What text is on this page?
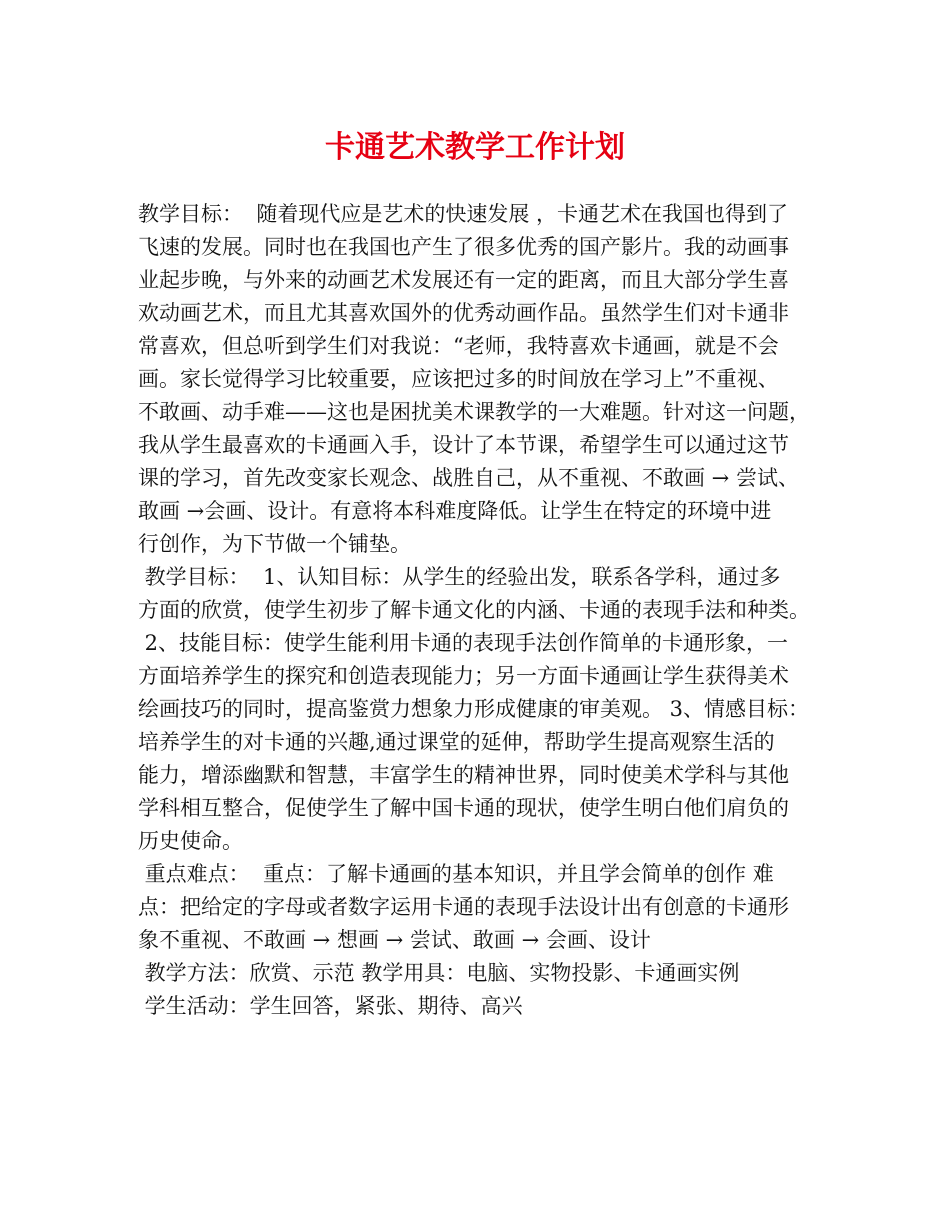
卡通艺术教学工作计划
教学目标：  随着现代应是艺术的快速发展 ，卡通艺术在我国也得到了
飞速的发展。同时也在我国也产生了很多优秀的国产影片。我的动画事
业起步晚，与外来的动画艺术发展还有一定的距离，而且大部分学生喜
欢动画艺术，而且尤其喜欢国外的优秀动画作品。虽然学生们对卡通非
常喜欢，但总听到学生们对我说：“老师，我特喜欢卡通画，就是不会
画。家长觉得学习比较重要，应该把过多的时间放在学习上”不重视、
不敢画、动手难——这也是困扰美术课教学的一大难题。针对这一问题，
我从学生最喜欢的卡通画入手，设计了本节课，希望学生可以通过这节
课的学习，首先改变家长观念、战胜自己，从不重视、不敢画 → 尝试、
敢画 →会画、设计。有意将本科难度降低。让学生在特定的环境中进
行创作，为下节做一个铺垫。
教学目标：  1、认知目标：从学生的经验出发，联系各学科，通过多
方面的欣赏，使学生初步了解卡通文化的内涵、卡通的表现手法和种类。
2、技能目标：使学生能利用卡通的表现手法创作简单的卡通形象，一
方面培养学生的探究和创造表现能力；另一方面卡通画让学生获得美术
绘画技巧的同时，提高鉴赏力想象力形成健康的审美观。 3、情感目标：
培养学生的对卡通的兴趣,通过课堂的延伸，帮助学生提高观察生活的
能力，增添幽默和智慧，丰富学生的精神世界，同时使美术学科与其他
学科相互整合，促使学生了解中国卡通的现状，使学生明白他们肩负的
历史使命。
重点难点：  重点：了解卡通画的基本知识，并且学会简单的创作 难
点：把给定的字母或者数字运用卡通的表现手法设计出有创意的卡通形
象不重视、不敢画 → 想画 → 尝试、敢画 → 会画、设计
教学方法：欣赏、示范 教学用具：电脑、实物投影、卡通画实例
学生活动：学生回答，紧张、期待、高兴
